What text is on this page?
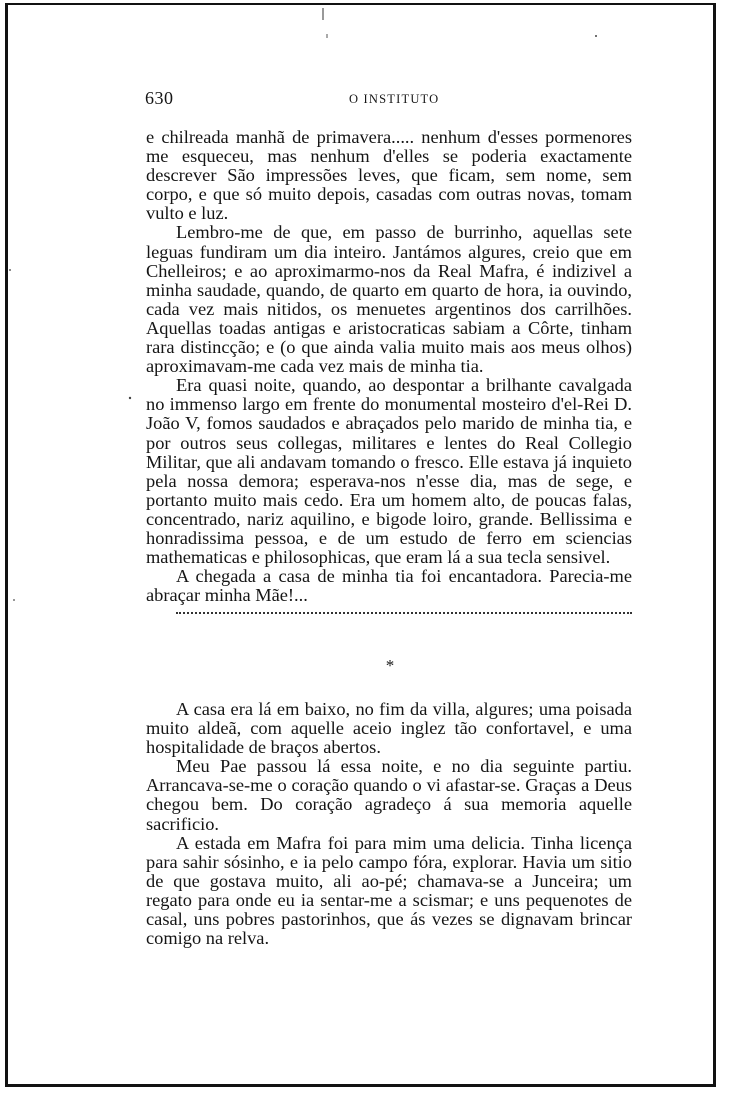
630	O INSTITUTO

e chilreada manhã de primavera..... nenhum d'esses pormenores me esqueceu, mas nenhum d'elles se poderia exactamente descrever São impressões leves, que ficam, sem nome, sem corpo, e que só muito depois, casadas com outras novas, tomam vulto e luz.

Lembro-me de que, em passo de burrinho, aquellas sete leguas fundiram um dia inteiro. Jantámos algures, creio que em Chelleiros; e ao aproximarmo-nos da Real Mafra, é indizivel a minha saudade, quando, de quarto em quarto de hora, ia ouvindo, cada vez mais nitidos, os menuetes argentinos dos carrilhões. Aquellas toadas antigas e aristocraticas sabiam a Côrte, tinham rara distincção; e (o que ainda valia muito mais aos meus olhos) aproximavam-me cada vez mais de minha tia.

Era quasi noite, quando, ao despontar a brilhante cavalgada no immenso largo em frente do monumental mosteiro d'el-Rei D. João V, fomos saudados e abraçados pelo marido de minha tia, e por outros seus collegas, militares e lentes do Real Collegio Militar, que ali andavam tomando o fresco. Elle estava já inquieto pela nossa demora; esperava-nos n'esse dia, mas de sege, e portanto muito mais cedo. Era um homem alto, de poucas falas, concentrado, nariz aquilino, e bigode loiro, grande. Bellissima e honradissima pessoa, e de um estudo de ferro em sciencias mathematicas e philosophicas, que eram lá a sua tecla sensivel.

A chegada a casa de minha tia foi encantadora. Parecia-me abraçar minha Mãe!...

*

A casa era lá em baixo, no fim da villa, algures; uma poisada muito aldeã, com aquelle aceio inglez tão confortavel, e uma hospitalidade de braços abertos.

Meu Pae passou lá essa noite, e no dia seguinte partiu. Arrancava-se-me o coração quando o vi afastar-se. Graças a Deus chegou bem. Do coração agradeço á sua memoria aquelle sacrificio.

A estada em Mafra foi para mim uma delicia. Tinha licença para sahir sósinho, e ia pelo campo fóra, explorar. Havia um sitio de que gostava muito, ali ao-pé; chamava-se a Junceira; um regato para onde eu ia sentar-me a scismar; e uns pequenotes de casal, uns pobres pastorinhos, que ás vezes se dignavam brincar comigo na relva.
